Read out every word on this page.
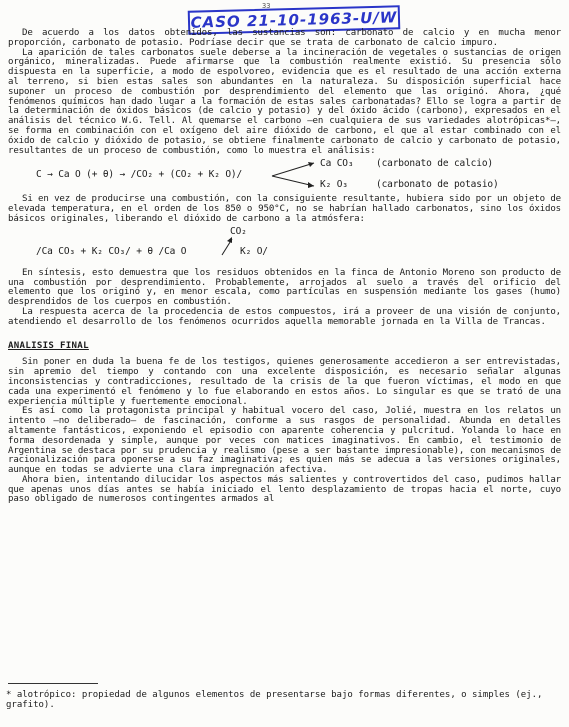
CASO 21-10-1963-U/W
33

De acuerdo a los datos obtenidos, las sustancias son: carbonato de calcio y en mucha menor proporción, carbonato de potasio. Podríase decir que se trata de carbonato de calcio impuro.

La aparición de tales carbonatos suele deberse a la incineración de vegetales o sustancias de origen orgánico, mineralizadas. Puede afirmarse que la combustión realmente existió. Su presencia sólo dispuesta en la superficie, a modo de espolvoreo, evidencia que es el resultado de una acción externa al terreno, si bien estas sales son abundantes en la naturaleza. Su disposición superficial hace suponer un proceso de combustión por desprendimiento del elemento que las originó. Ahora, ¿qué fenómenos químicos han dado lugar a la formación de estas sales carbonatadas? Ello se logra a partir de la determinación de óxidos básicos (de calcio y potasio) y del óxido ácido (carbono), expresados en el análisis del técnico W.G. Tell. Al quemarse el carbono —en cualquiera de sus variedades alotrópicas*—, se forma en combinación con el oxígeno del aire dióxido de carbono, el que al estar combinado con el óxido de calcio y dióxido de potasio, se obtiene finalmente carbonato de calcio y carbonato de potasio, resultantes de un proceso de combustión, como lo muestra el análisis:

C → Ca O (+ θ) → /CO₂ + (CO₂ + K₂ O)/
Ca CO₃ (carbonato de calcio)
K₂ O₃	(carbonato de potasio)

Si en vez de producirse una combustión, con la consiguiente resultante, hubiera sido por un objeto de elevada temperatura, en el orden de los 850 o 950°C, no se habrían hallado carbonatos, sino los óxidos básicos originales, liberando el dióxido de carbono a la atmósfera:

/Ca CO₃ + K₂ CO₃/ + θ /Ca O
CO₂
K₂ O/

En síntesis, esto demuestra que los residuos obtenidos en la finca de Antonio Moreno son producto de una combustión por desprendimiento. Probablemente, arrojados al suelo a través del orificio del elemento que los originó y, en menor escala, como partículas en suspensión mediante los gases (humo) desprendidos de los cuerpos en combustión.

La respuesta acerca de la procedencia de estos compuestos, irá a proveer de una visión de conjunto, atendiendo el desarrollo de los fenómenos ocurridos aquella memorable jornada en la Villa de Trancas.

ANALISIS FINAL

Sin poner en duda la buena fe de los testigos, quienes generosamente accedieron a ser entrevistadas, sin apremio del tiempo y contando con una excelente disposición, es necesario señalar algunas inconsistencias y contradicciones, resultado de la crisis de la que fueron víctimas, el modo en que cada una experimentó el fenómeno y lo fue elaborando en estos años. Lo singular es que se trató de una experiencia múltiple y fuertemente emocional.

Es así como la protagonista principal y habitual vocero del caso, Jolié, muestra en los relatos un intento —no deliberado— de fascinación, conforme a sus rasgos de personalidad. Abunda en detalles altamente fantásticos, exponiendo el episodio con aparente coherencia y pulcritud. Yolanda lo hace en forma desordenada y simple, aunque por veces con matices imaginativos. En cambio, el testimonio de Argentina se destaca por su prudencia y realismo (pese a ser bastante impresionable), con mecanismos de racionalización para oponerse a su faz imaginativa; es quien más se adecua a las versiones originales, aunque en todas se advierte una clara impregnación afectiva.

Ahora bien, intentando dilucidar los aspectos más salientes y controvertidos del caso, pudimos hallar que apenas unos días antes se había iniciado el lento desplazamiento de tropas hacia el norte, cuyo paso obligado de numerosos contingentes armados al

* alotrópico: propiedad de algunos elementos de presentarse bajo formas diferentes, o simples (ej., grafito).
